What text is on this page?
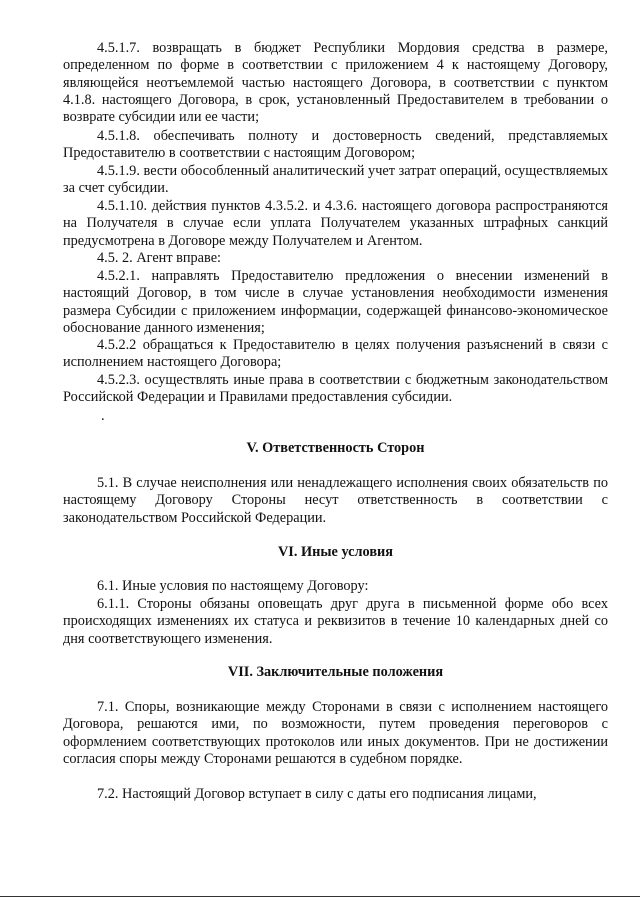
4.5.1.7. возвращать в бюджет Республики Мордовия средства в размере, определенном по форме в соответствии с приложением 4 к настоящему Договору, являющейся неотъемлемой частью настоящего Договора, в соответствии с пунктом 4.1.8. настоящего Договора, в срок, установленный Предоставителем в требовании о возврате субсидии или ее части;

4.5.1.8. обеспечивать полноту и достоверность сведений, представляемых Предоставителю в соответствии с настоящим Договором;

4.5.1.9. вести обособленный аналитический учет затрат операций, осуществляемых за счет субсидии.

4.5.1.10. действия пунктов 4.3.5.2. и 4.3.6. настоящего договора распространяются на Получателя в случае если уплата Получателем указанных штрафных санкций предусмотрена в Договоре между Получателем и Агентом.

4.5. 2. Агент вправе:

4.5.2.1. направлять Предоставителю предложения о внесении изменений в настоящий Договор, в том числе в случае установления необходимости изменения размера Субсидии с приложением информации, содержащей финансово-экономическое обоснование данного изменения;

4.5.2.2 обращаться к Предоставителю в целях получения разъяснений в связи с исполнением настоящего Договора;

4.5.2.3. осуществлять иные права в соответствии с бюджетным законодательством Российской Федерации и Правилами предоставления субсидии.

.
V. Ответственность Сторон

5.1. В случае неисполнения или ненадлежащего исполнения своих обязательств по настоящему Договору Стороны несут ответственность в соответствии с законодательством Российской Федерации.

VI. Иные условия

6.1. Иные условия по настоящему Договору:

6.1.1. Стороны обязаны оповещать друг друга в письменной форме обо всех происходящих изменениях их статуса и реквизитов в течение 10 календарных дней со дня соответствующего изменения.

VII. Заключительные положения

7.1. Споры, возникающие между Сторонами в связи с исполнением настоящего Договора, решаются ими, по возможности, путем проведения переговоров с оформлением соответствующих протоколов или иных документов. При не достижении согласия споры между Сторонами решаются в судебном порядке.

7.2. Настоящий Договор вступает в силу с даты его подписания лицами,
